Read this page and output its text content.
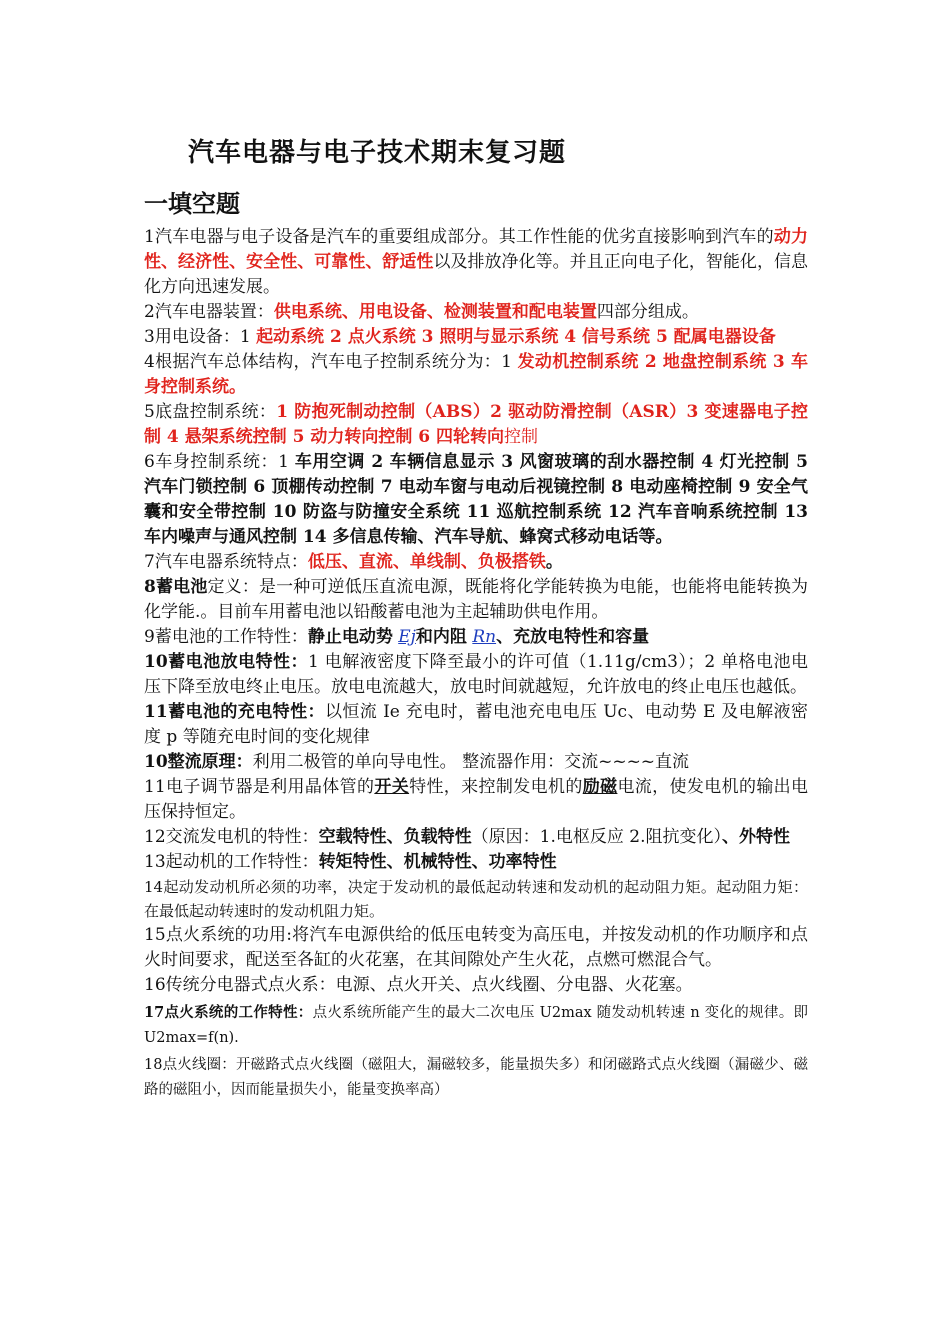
汽车电器与电子技术期末复习题
一填空题

1汽车电器与电子设备是汽车的重要组成部分。其工作性能的优劣直接影响到汽车的动力性、经济性、安全性、可靠性、舒适性以及排放净化等。并且正向电子化，智能化，信息化方向迅速发展。

2汽车电器装置：供电系统、用电设备、检测装置和配电装置四部分组成。

3用电设备：1 起动系统 2 点火系统 3 照明与显示系统 4 信号系统 5 配属电器设备

4根据汽车总体结构，汽车电子控制系统分为：1 发动机控制系统 2 地盘控制系统 3 车身控制系统。

5底盘控制系统：1 防抱死制动控制（ABS）2 驱动防滑控制（ASR）3 变速器电子控制 4 悬架系统控制 5 动力转向控制 6 四轮转向控制

6车身控制系统：1 车用空调 2 车辆信息显示 3 风窗玻璃的刮水器控制 4 灯光控制 5 汽车门锁控制 6 顶棚传动控制 7 电动车窗与电动后视镜控制 8 电动座椅控制 9 安全气囊和安全带控制 10 防盗与防撞安全系统 11 巡航控制系统 12 汽车音响系统控制 13 车内噪声与通风控制 14 多信息传输、汽车导航、蜂窝式移动电话等。

7汽车电器系统特点：低压、直流、单线制、负极搭铁。

8蓄电池定义：是一种可逆低压直流电源，既能将化学能转换为电能，也能将电能转换为化学能.。目前车用蓄电池以铅酸蓄电池为主起辅助供电作用。

9蓄电池的工作特性：静止电动势 Ej和内阻 Rn、充放电特性和容量

10蓄电池放电特性：1 电解液密度下降至最小的许可值（1.11g/cm3）；2 单格电池电压下降至放电终止电压。放电电流越大，放电时间就越短，允许放电的终止电压也越低。

11蓄电池的充电特性：以恒流 Ie 充电时，蓄电池充电电压 Uc、电动势 E 及电解液密度 p 等随充电时间的变化规律

10整流原理：利用二极管的单向导电性。 整流器作用：交流~~~~直流

11电子调节器是利用晶体管的开关特性，来控制发电机的励磁电流，使发电机的输出电压保持恒定。

12交流发电机的特性：空载特性、负载特性（原因：1.电枢反应 2.阻抗变化）、外特性

13起动机的工作特性：转矩特性、机械特性、功率特性

14起动发动机所必须的功率，决定于发动机的最低起动转速和发动机的起动阻力矩。起动阻力矩：在最低起动转速时的发动机阻力矩。

15点火系统的功用:将汽车电源供给的低压电转变为高压电，并按发动机的作功顺序和点火时间要求，配送至各缸的火花塞，在其间隙处产生火花，点燃可燃混合气。

16传统分电器式点火系：电源、点火开关、点火线圈、分电器、火花塞。

17点火系统的工作特性：点火系统所能产生的最大二次电压 U2max 随发动机转速 n 变化的规律。即 U2max=f(n).

18点火线圈：开磁路式点火线圈（磁阻大，漏磁较多，能量损失多）和闭磁路式点火线圈（漏磁少、磁路的磁阻小，因而能量损失小，能量变换率高）
